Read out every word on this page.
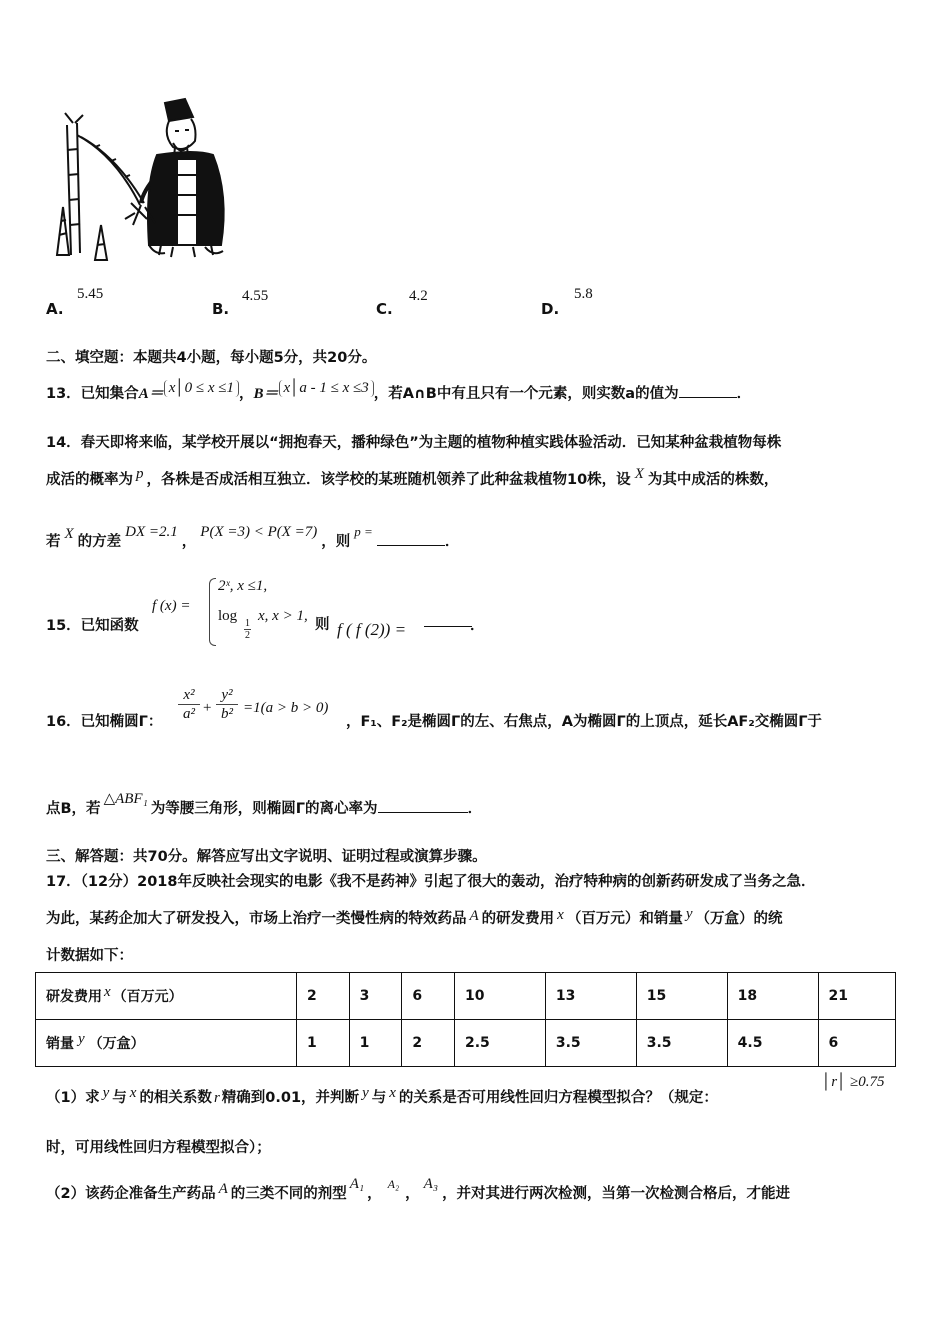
A.
5.45
B.
4.55
C.
4.2
D.
5.8
二、填空题：本题共4小题，每小题5分，共20分。
13．已知集合A＝ x│0 ≤ x ≤1 ，B＝ x│a - 1 ≤ x ≤3 ，若A∩B中有且只有一个元素，则实数a的值为	．
14．春天即将来临，某学校开展以“拥抱春天，播种绿色”为主题的植物种植实践体验活动．已知某种盆栽植物每株
成活的概率为 p ，各株是否成活相互独立．该学校的某班随机领养了此种盆栽植物10株，设 X 为其中成活的株数，
若 X 的方差DX =2.1，P(X =3) < P(X =7)，则p =．
15．已知函数
f (x) =
2ˣ, x ≤1,
log
$\frac{1}{2}$
x, x > 1,
则 f ( f (2)) =	．
16．已知椭圆Γ：
x²
a² +
y²
b² =1(a > b > 0)
，F₁、F₂是椭圆Γ的左、右焦点，A为椭圆Γ的上顶点，延长AF₂交椭圆Γ于
点B，若△ABF₁为等腰三角形，则椭圆Γ的离心率为	．
三、解答题：共70分。解答应写出文字说明、证明过程或演算步骤。
17．（12分）2018年反映社会现实的电影《我不是药神》引起了很大的轰动，治疗特种病的创新药研发成了当务之急．
为此，某药企加大了研发投入，市场上治疗一类慢性病的特效药品 A 的研发费用 x （百万元）和销量 y （万盒）的统
计数据如下：
研发费用 x （百万元）	2	3	6	10	13	15	18	21
销量 y （万盒）	1	1	2	2.5	3.5	3.5	4.5	6
（1）求 y 与 x 的相关系数 r 精确到0.01，并判断 y 与 x 的关系是否可用线性回归方程模型拟合？（规定：
│r│ ≥0.75
时，可用线性回归方程模型拟合）；
（2）该药企准备生产药品 A 的三类不同的剂型A₁，$^{A_2}$，A₃，并对其进行两次检测，当第一次检测合格后，才能进
